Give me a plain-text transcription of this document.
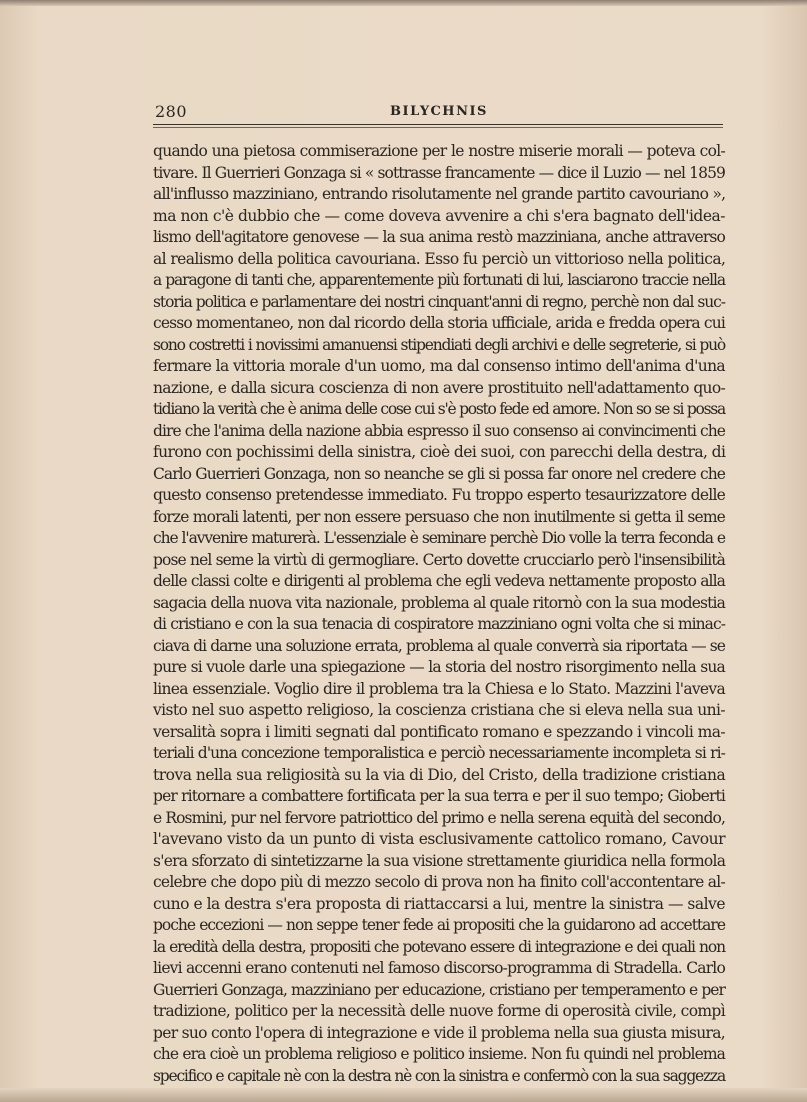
280	BILYCHNIS
quando una pietosa commiserazione per le nostre miserie morali — poteva col-
tivare. Il Guerrieri Gonzaga si « sottrasse francamente — dice il Luzio — nel 1859
all'influsso mazziniano, entrando risolutamente nel grande partito cavouriano »,
ma non c'è dubbio che — come doveva avvenire a chi s'era bagnato dell'idea-
lismo dell'agitatore genovese — la sua anima restò mazziniana, anche attraverso
al realismo della politica cavouriana. Esso fu perciò un vittorioso nella politica,
a paragone di tanti che, apparentemente più fortunati di lui, lasciarono traccie nella
storia politica e parlamentare dei nostri cinquant'anni di regno, perchè non dal suc-
cesso momentaneo, non dal ricordo della storia ufficiale, arida e fredda opera cui
sono costretti i novissimi amanuensi stipendiati degli archivi e delle segreterie, si può
fermare la vittoria morale d'un uomo, ma dal consenso intimo dell'anima d'una
nazione, e dalla sicura coscienza di non avere prostituito nell'adattamento quo-
tidiano la verità che è anima delle cose cui s'è posto fede ed amore. Non so se si possa
dire che l'anima della nazione abbia espresso il suo consenso ai convincimenti che
furono con pochissimi della sinistra, cioè dei suoi, con parecchi della destra, di
Carlo Guerrieri Gonzaga, non so neanche se gli si possa far onore nel credere che
questo consenso pretendesse immediato. Fu troppo esperto tesaurizzatore delle
forze morali latenti, per non essere persuaso che non inutilmente si getta il seme
che l'avvenire maturerà. L'essenziale è seminare perchè Dio volle la terra feconda e
pose nel seme la virtù di germogliare. Certo dovette crucciarlo però l'insensibilità
delle classi colte e dirigenti al problema che egli vedeva nettamente proposto alla
sagacia della nuova vita nazionale, problema al quale ritornò con la sua modestia
di cristiano e con la sua tenacia di cospiratore mazziniano ogni volta che si minac-
ciava di darne una soluzione errata, problema al quale converrà sia riportata — se
pure si vuole darle una spiegazione — la storia del nostro risorgimento nella sua
linea essenziale. Voglio dire il problema tra la Chiesa e lo Stato. Mazzini l'aveva
visto nel suo aspetto religioso, la coscienza cristiana che si eleva nella sua uni-
versalità sopra i limiti segnati dal pontificato romano e spezzando i vincoli ma-
teriali d'una concezione temporalistica e perciò necessariamente incompleta si ri-
trova nella sua religiosità su la via di Dio, del Cristo, della tradizione cristiana
per ritornare a combattere fortificata per la sua terra e per il suo tempo; Gioberti
e Rosmini, pur nel fervore patriottico del primo e nella serena equità del secondo,
l'avevano visto da un punto di vista esclusivamente cattolico romano, Cavour
s'era sforzato di sintetizzarne la sua visione strettamente giuridica nella formola
celebre che dopo più di mezzo secolo di prova non ha finito coll'accontentare al-
cuno e la destra s'era proposta di riattaccarsi a lui, mentre la sinistra — salve
poche eccezioni — non seppe tener fede ai propositi che la guidarono ad accettare
la eredità della destra, propositi che potevano essere di integrazione e dei quali non
lievi accenni erano contenuti nel famoso discorso-programma di Stradella. Carlo
Guerrieri Gonzaga, mazziniano per educazione, cristiano per temperamento e per
tradizione, politico per la necessità delle nuove forme di operosità civile, compì
per suo conto l'opera di integrazione e vide il problema nella sua giusta misura,
che era cioè un problema religioso e politico insieme. Non fu quindi nel problema
specifico e capitale nè con la destra nè con la sinistra e confermò con la sua saggezza
